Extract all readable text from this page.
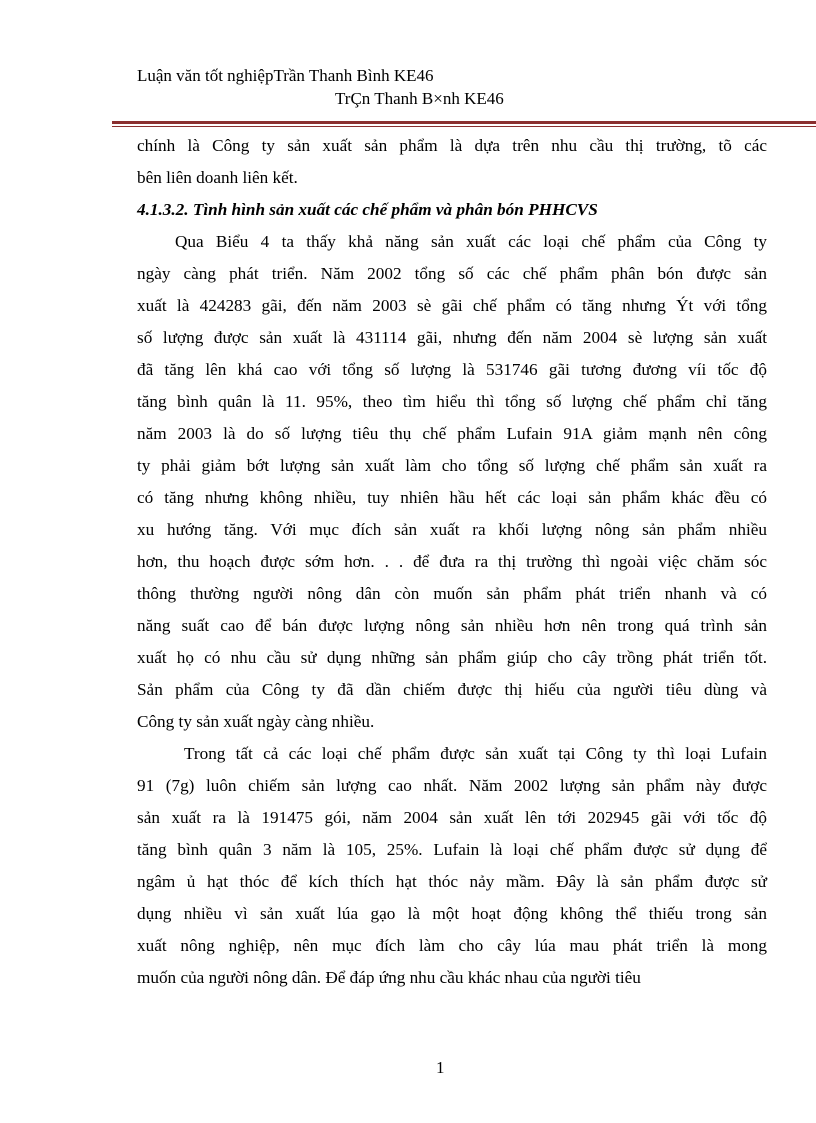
Luận văn tốt nghiệpTrần Thanh Bình KE46
TrÇn Thanh B×nh KE46
chính là Công ty sản xuất sản phẩm là dựa trên nhu cầu thị trường, tõ các
bên liên doanh liên kết.
4.1.3.2. Tình hình sản xuất các chế phẩm và phân bón PHHCVS
Qua Biểu 4 ta thấy khả năng sản xuất các loại chế phẩm của Công ty
ngày càng phát triển. Năm 2002 tổng số các chế phẩm phân bón được sản
xuất là 424283 gãi, đến năm 2003 sè gãi chế phẩm có tăng nhưng Ýt với tổng
số lượng được sản xuất là 431114 gãi, nhưng đến năm 2004 sè lượng sản xuất
đã tăng lên khá cao với tổng số lượng là 531746 gãi tương đương víi tốc độ
tăng bình quân là 11. 95%, theo tìm hiểu thì tổng số lượng chế phẩm chỉ tăng
năm 2003 là do số lượng tiêu thụ chế phẩm Lufain 91A giảm mạnh nên công
ty phải giảm bớt lượng sản xuất làm cho tổng số lượng chế phẩm sản xuất ra
có tăng nhưng không nhiều, tuy nhiên hầu hết các loại sản phẩm khác đều có
xu hướng tăng. Với mục đích sản xuất ra khối lượng nông sản phẩm nhiều
hơn, thu hoạch được sớm hơn. . . để đưa ra thị trường thì ngoài việc chăm sóc
thông thường người nông dân còn muốn sản phẩm phát triển nhanh và có
năng suất cao để bán được lượng nông sản nhiều hơn nên trong quá trình sản
xuất họ có nhu cầu sử dụng những sản phẩm giúp cho cây trồng phát triển tốt.
Sản phẩm của Công ty đã dần chiếm được thị hiếu của người tiêu dùng và
Công ty sản xuất ngày càng nhiều.
Trong tất cả các loại chế phẩm được sản xuất tại Công ty thì loại Lufain
91 (7g) luôn chiếm sản lượng cao nhất. Năm 2002 lượng sản phẩm này được
sản xuất ra là 191475 gói, năm 2004 sản xuất lên tới 202945 gãi với tốc độ
tăng bình quân 3 năm là 105, 25%. Lufain là loại chế phẩm được sử dụng để
ngâm ủ hạt thóc để kích thích hạt thóc nảy mầm. Đây là sản phẩm được sử
dụng nhiều vì sản xuất lúa gạo là một hoạt động không thể thiếu trong sản
xuất nông nghiệp, nên mục đích làm cho cây lúa mau phát triển là mong
muốn của người nông dân. Để đáp ứng nhu cầu khác nhau của người tiêu
1
